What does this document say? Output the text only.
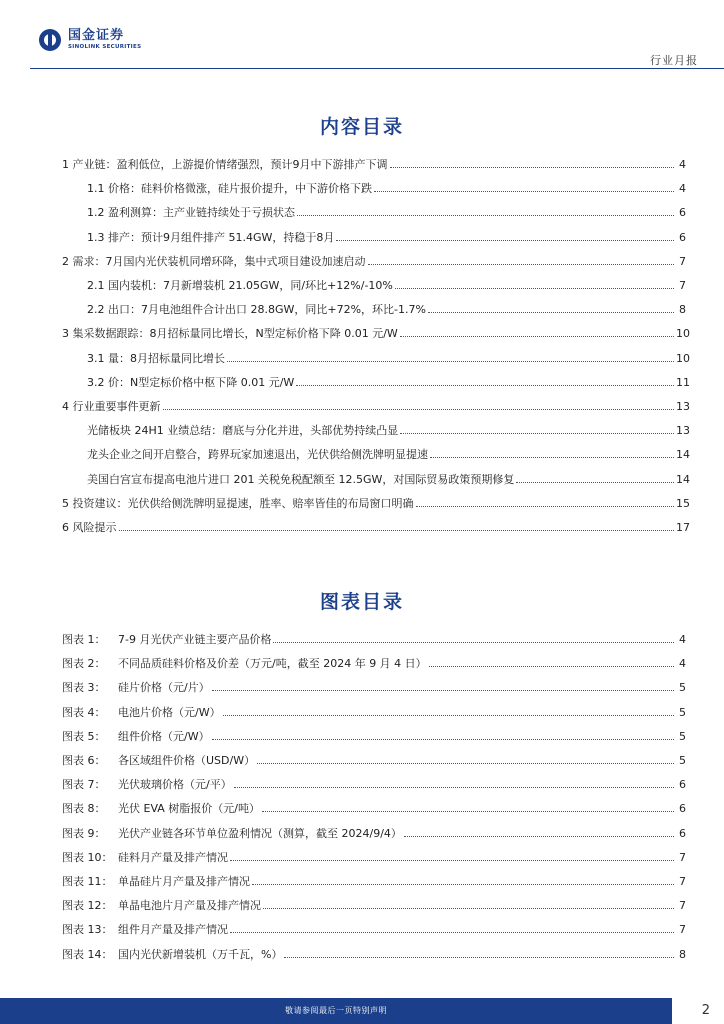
国金证券
SINOLINK SECURITIES
行业月报
内容目录
1 产业链：盈利低位，上游提价情绪强烈，预计9月中下游排产下调	4
1.1 价格：硅料价格微涨，硅片报价提升，中下游价格下跌	4
1.2 盈利测算：主产业链持续处于亏损状态	6
1.3 排产：预计9月组件排产 51.4GW，持稳于8月	6
2 需求：7月国内光伏装机同增环降，集中式项目建设加速启动	7
2.1 国内装机：7月新增装机 21.05GW，同/环比+12%/-10%	7
2.2 出口：7月电池组件合计出口 28.8GW，同比+72%，环比-1.7%	8
3 集采数据跟踪：8月招标量同比增长，N型定标价格下降 0.01 元/W	10
3.1 量：8月招标量同比增长	10
3.2 价：N型定标价格中枢下降 0.01 元/W	11
4 行业重要事件更新	13
光储板块 24H1 业绩总结：磨底与分化并进，头部优势持续凸显	13
龙头企业之间开启整合，跨界玩家加速退出，光伏供给侧洗牌明显提速	14
美国白宫宣布提高电池片进口 201 关税免税配额至 12.5GW，对国际贸易政策预期修复	14
5 投资建议：光伏供给侧洗牌明显提速，胜率、赔率皆佳的布局窗口明确	15
6 风险提示	17
图表目录
图表 1： 7-9 月光伏产业链主要产品价格	4
图表 2： 不同品质硅料价格及价差（万元/吨，截至 2024 年 9 月 4 日）	4
图表 3： 硅片价格（元/片）	5
图表 4： 电池片价格（元/W）	5
图表 5： 组件价格（元/W）	5
图表 6： 各区域组件价格（USD/W）	5
图表 7： 光伏玻璃价格（元/平）	6
图表 8： 光伏 EVA 树脂报价（元/吨）	6
图表 9： 光伏产业链各环节单位盈利情况（测算，截至 2024/9/4）	6
图表 10： 硅料月产量及排产情况	7
图表 11： 单晶硅片月产量及排产情况	7
图表 12： 单晶电池片月产量及排产情况	7
图表 13： 组件月产量及排产情况	7
图表 14： 国内光伏新增装机（万千瓦，%）	8
敬请参阅最后一页特别声明	2
